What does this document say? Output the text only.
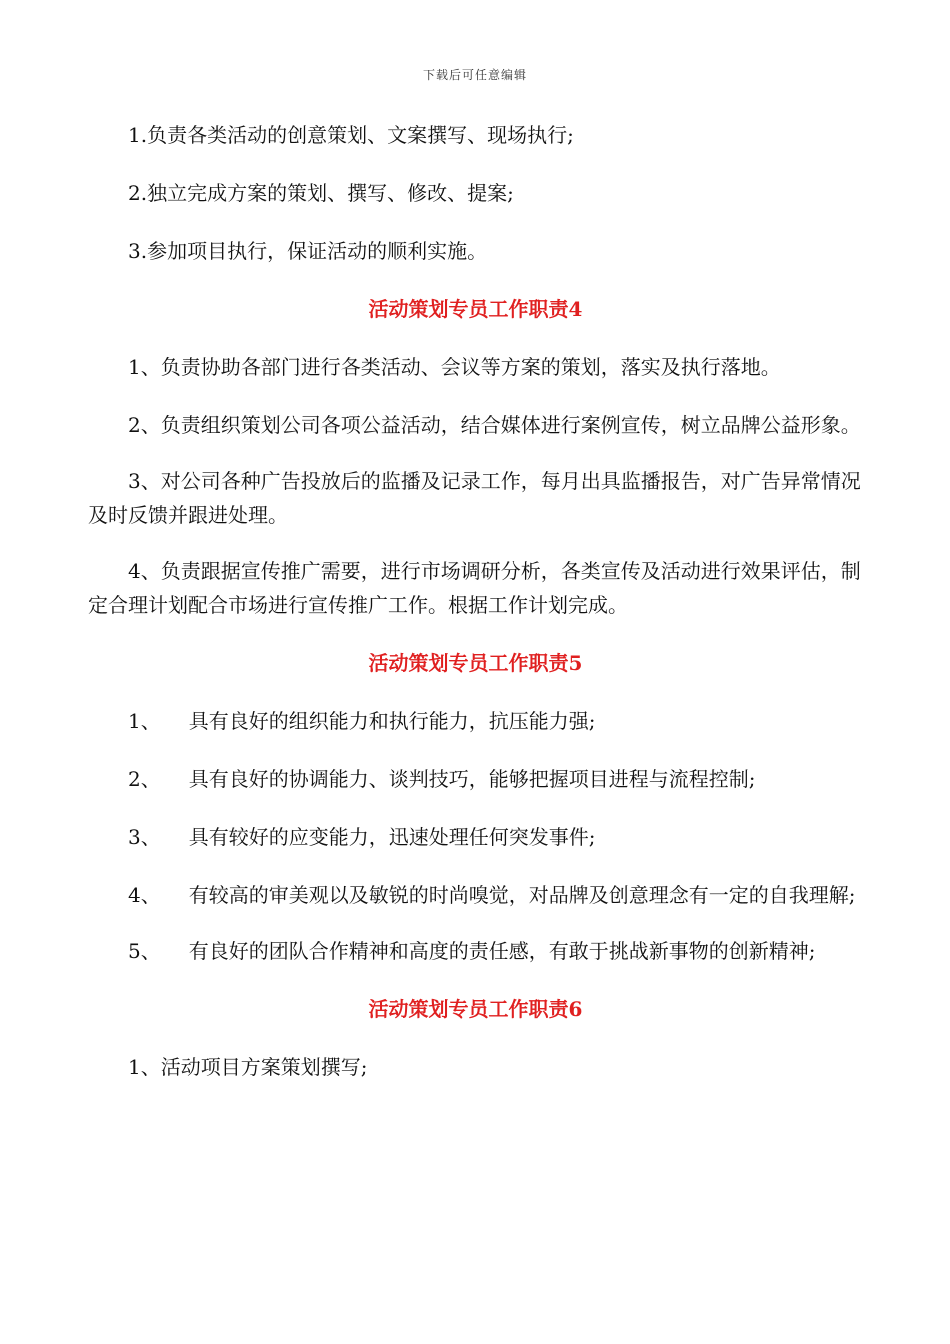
下载后可任意编辑

1.负责各类活动的创意策划、文案撰写、现场执行;

2.独立完成方案的策划、撰写、修改、提案;

3.参加项目执行，保证活动的顺利实施。

活动策划专员工作职责4

1、负责协助各部门进行各类活动、会议等方案的策划，落实及执行落地。

2、负责组织策划公司各项公益活动，结合媒体进行案例宣传，树立品牌公益形象。

3、对公司各种广告投放后的监播及记录工作，每月出具监播报告，对广告异常情况及时反馈并跟进处理。

4、负责跟据宣传推广需要，进行市场调研分析，各类宣传及活动进行效果评估，制定合理计划配合市场进行宣传推广工作。根据工作计划完成。

活动策划专员工作职责5

1、 具有良好的组织能力和执行能力，抗压能力强;

2、 具有良好的协调能力、谈判技巧，能够把握项目进程与流程控制;

3、 具有较好的应变能力，迅速处理任何突发事件;

4、 有较高的审美观以及敏锐的时尚嗅觉，对品牌及创意理念有一定的自我理解;

5、 有良好的团队合作精神和高度的责任感，有敢于挑战新事物的创新精神;

活动策划专员工作职责6

1、活动项目方案策划撰写;
